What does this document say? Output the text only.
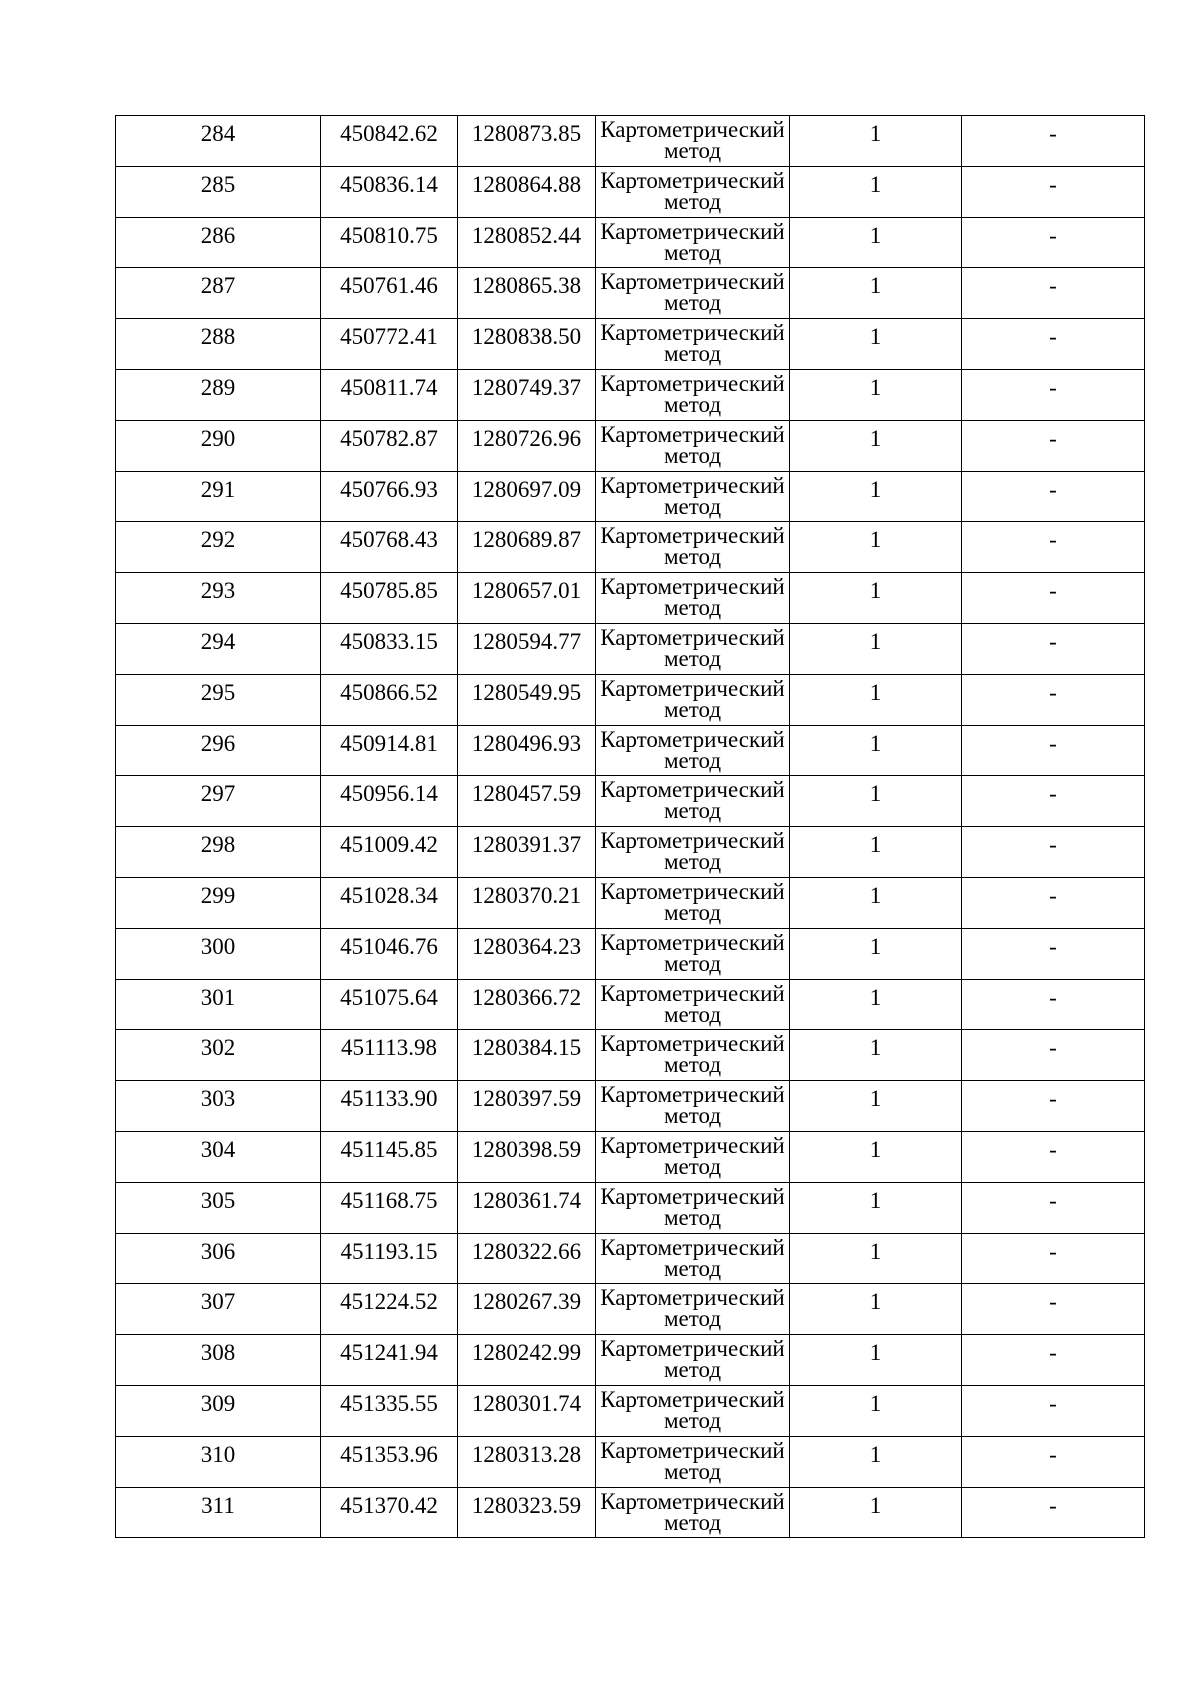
284	450842.62	1280873.85	Картометрический
метод	1	-

285	450836.14	1280864.88	Картометрический
метод	1	-

286	450810.75	1280852.44	Картометрический
метод	1	-

287	450761.46	1280865.38	Картометрический
метод	1	-

288	450772.41	1280838.50	Картометрический
метод	1	-

289	450811.74	1280749.37	Картометрический
метод	1	-

290	450782.87	1280726.96	Картометрический
метод	1	-

291	450766.93	1280697.09	Картометрический
метод	1	-

292	450768.43	1280689.87	Картометрический
метод	1	-

293	450785.85	1280657.01	Картометрический
метод	1	-

294	450833.15	1280594.77	Картометрический
метод	1	-

295	450866.52	1280549.95	Картометрический
метод	1	-

296	450914.81	1280496.93	Картометрический
метод	1	-

297	450956.14	1280457.59	Картометрический
метод	1	-

298	451009.42	1280391.37	Картометрический
метод	1	-

299	451028.34	1280370.21	Картометрический
метод	1	-

300	451046.76	1280364.23	Картометрический
метод	1	-

301	451075.64	1280366.72	Картометрический
метод	1	-

302	451113.98	1280384.15	Картометрический
метод	1	-

303	451133.90	1280397.59	Картометрический
метод	1	-

304	451145.85	1280398.59	Картометрический
метод	1	-

305	451168.75	1280361.74	Картометрический
метод	1	-

306	451193.15	1280322.66	Картометрический
метод	1	-

307	451224.52	1280267.39	Картометрический
метод	1	-

308	451241.94	1280242.99	Картометрический
метод	1	-

309	451335.55	1280301.74	Картометрический
метод	1	-

310	451353.96	1280313.28	Картометрический
метод	1	-

311	451370.42	1280323.59	Картометрический
метод	1	-
